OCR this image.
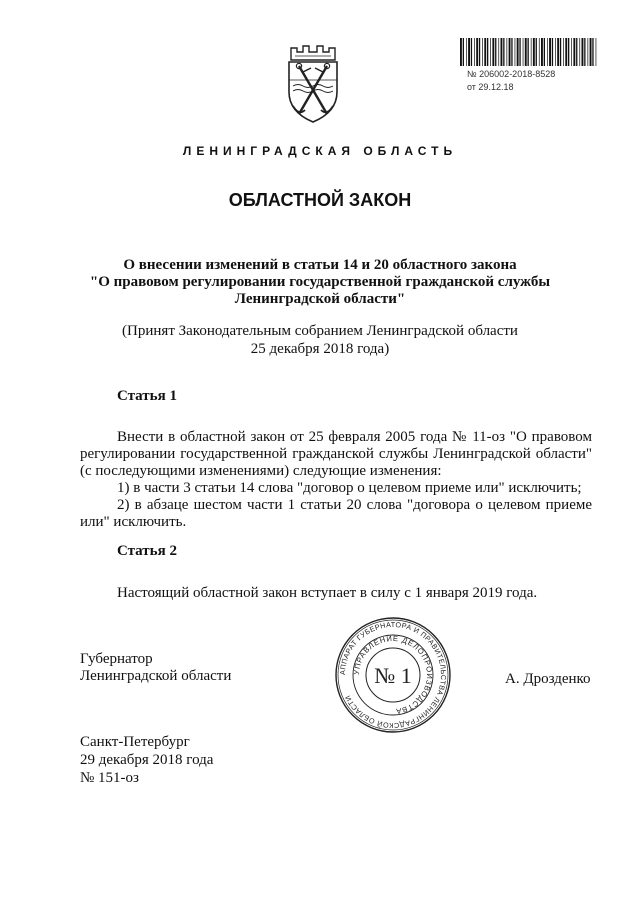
№ 206002-2018-8528
от 29.12.18
ЛЕНИНГРАДСКАЯ ОБЛАСТЬ
ОБЛАСТНОЙ ЗАКОН
О внесении изменений в статьи 14 и 20 областного закона
"О правовом регулировании государственной гражданской службы
Ленинградской области"
(Принят Законодательным собранием Ленинградской области
25 декабря 2018 года)
Статья 1
Внести в областной закон от 25 февраля 2005 года № 11-оз "О правовом
регулировании государственной гражданской службы Ленинградской области"
(с последующими изменениями) следующие изменения:
1) в части 3 статьи 14 слова "договор о целевом приеме или" исключить;
2) в абзаце шестом части 1 статьи 20 слова "договора о целевом приеме
или" исключить.
Статья 2
Настоящий областной закон вступает в силу с 1 января 2019 года.
Губернатор
Ленинградской области	А. Дрозденко
АППАРАТ ГУБЕРНАТОРА И ПРАВИТЕЛЬСТВА ЛЕНИНГРАДСКОЙ ОБЛАСТИ
УПРАВЛЕНИЕ ДЕЛОПРОИЗВОДСТВА
№ 1
Санкт-Петербург
29 декабря 2018 года
№ 151-оз
